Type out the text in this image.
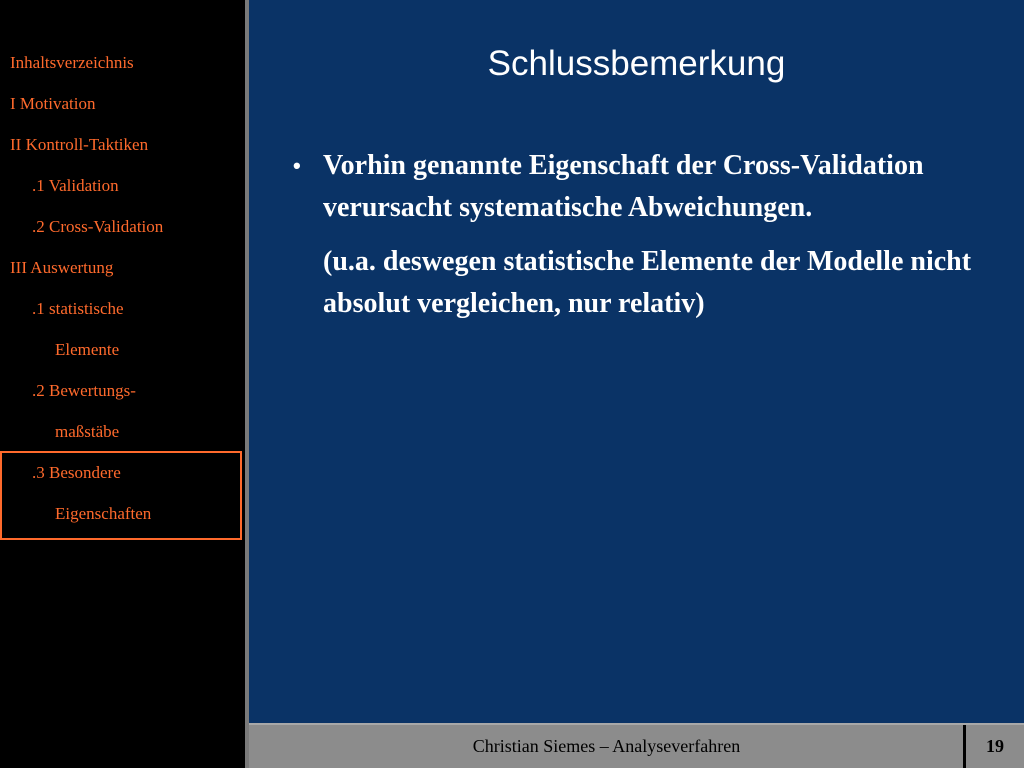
Inhaltsverzeichnis
I Motivation
II Kontroll-Taktiken
.1 Validation
.2 Cross-Validation
III Auswertung
.1 statistische
Elemente
.2 Bewertungs-
maßstäbe
.3 Besondere
Eigenschaften
Schlussbemerkung
• Vorhin genannte Eigenschaft der Cross-Validation verursacht systematische Abweichungen.
(u.a. deswegen statistische Elemente der Modelle nicht absolut vergleichen, nur relativ)
Christian Siemes – Analyseverfahren	19
